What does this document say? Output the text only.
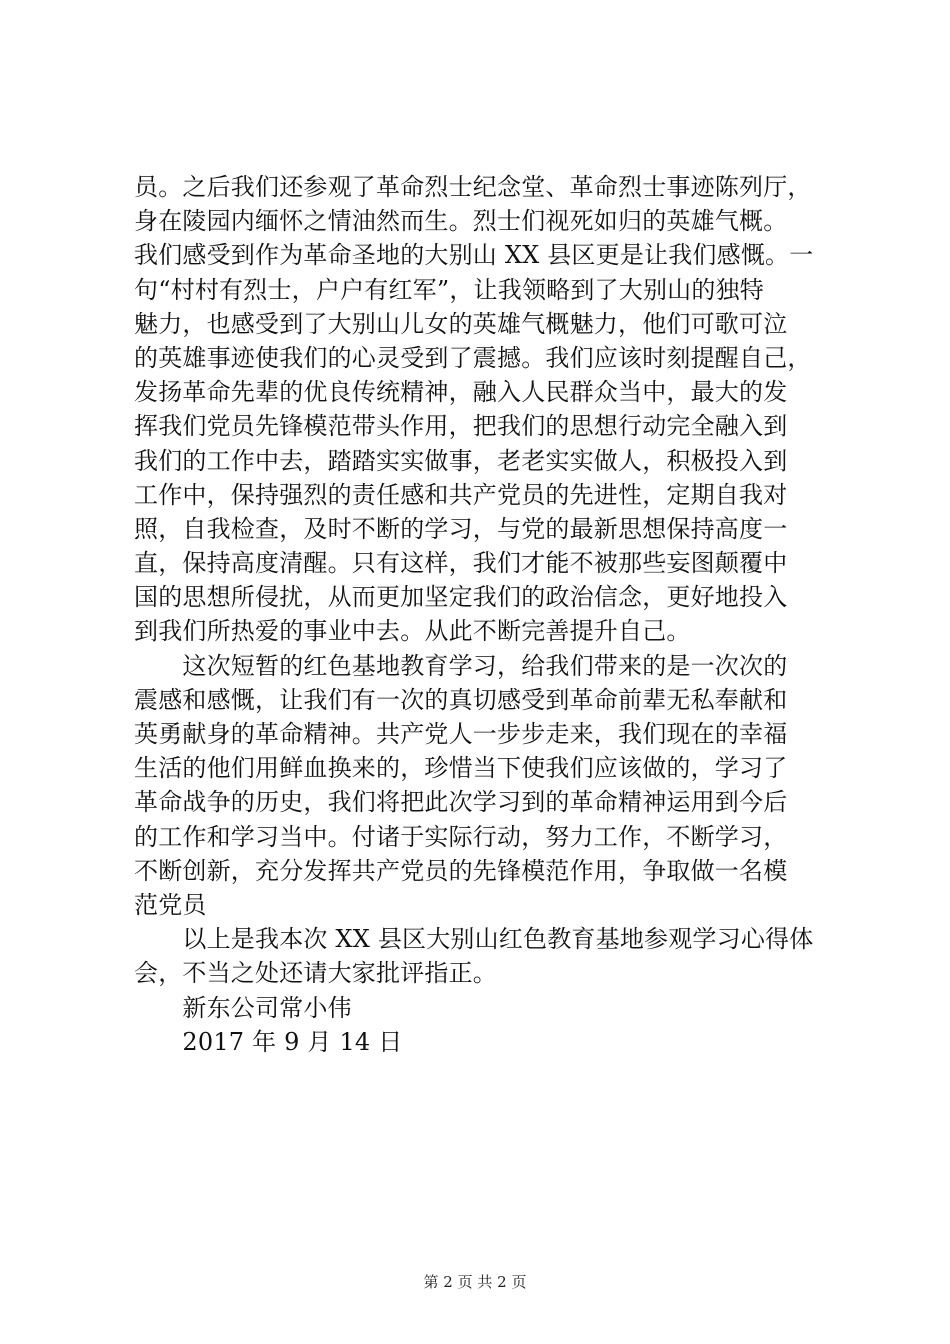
员。之后我们还参观了革命烈士纪念堂、革命烈士事迹陈列厅，
身在陵园内缅怀之情油然而生。烈士们视死如归的英雄气概。
我们感受到作为革命圣地的大别山 XX 县区更是让我们感慨。一
句“村村有烈士，户户有红军”，让我领略到了大别山的独特
魅力，也感受到了大别山儿女的英雄气概魅力，他们可歌可泣
的英雄事迹使我们的心灵受到了震撼。我们应该时刻提醒自己，
发扬革命先辈的优良传统精神，融入人民群众当中，最大的发
挥我们党员先锋模范带头作用，把我们的思想行动完全融入到
我们的工作中去，踏踏实实做事，老老实实做人，积极投入到
工作中，保持强烈的责任感和共产党员的先进性，定期自我对
照，自我检查，及时不断的学习，与党的最新思想保持高度一
直，保持高度清醒。只有这样，我们才能不被那些妄图颠覆中
国的思想所侵扰，从而更加坚定我们的政治信念，更好地投入
到我们所热爱的事业中去。从此不断完善提升自己。
　　这次短暂的红色基地教育学习，给我们带来的是一次次的
震感和感慨，让我们有一次的真切感受到革命前辈无私奉献和
英勇献身的革命精神。共产党人一步步走来，我们现在的幸福
生活的他们用鲜血换来的，珍惜当下使我们应该做的，学习了
革命战争的历史，我们将把此次学习到的革命精神运用到今后
的工作和学习当中。付诸于实际行动，努力工作，不断学习，
不断创新，充分发挥共产党员的先锋模范作用，争取做一名模
范党员
　　以上是我本次 XX 县区大别山红色教育基地参观学习心得体
会，不当之处还请大家批评指正。
　　新东公司常小伟
　　2017 年 9 月 14 日
第 2 页 共 2 页
